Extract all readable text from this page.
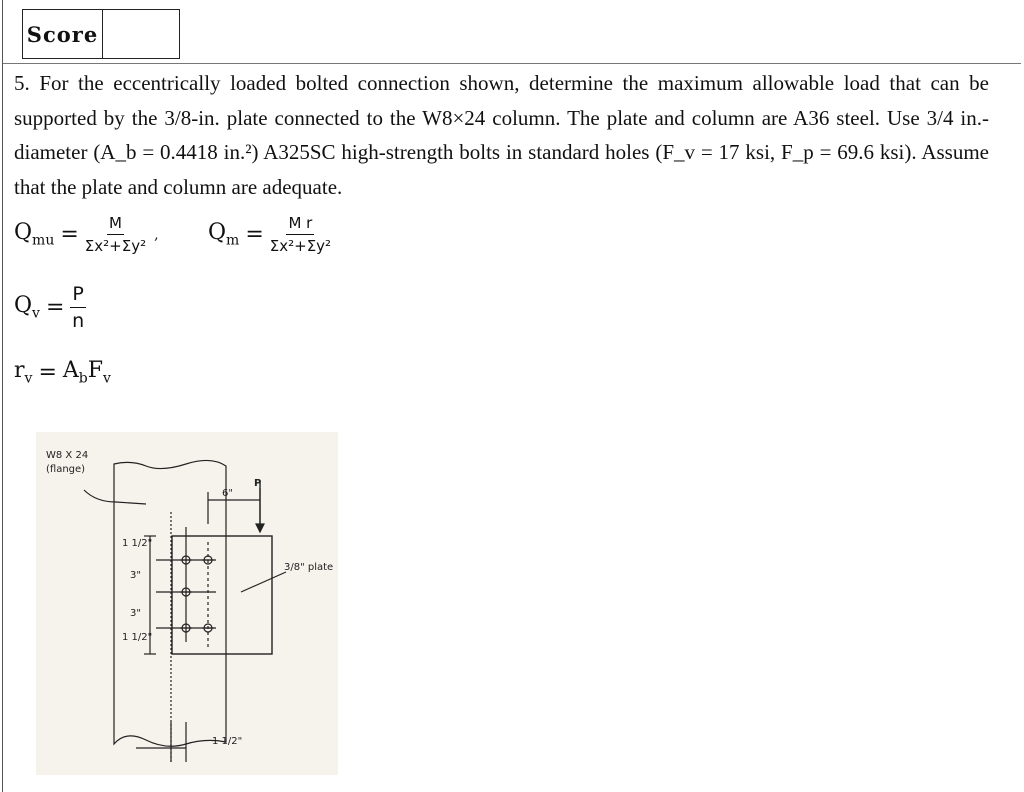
Score
5. For the eccentrically loaded bolted connection shown, determine the maximum allowable load that can be supported by the 3/8-in. plate connected to the W8×24 column. The plate and column are A36 steel. Use 3/4 in.-diameter (A_b = 0.4418 in.²) A325SC high-strength bolts in standard holes (F_v = 17 ksi, F_p = 69.6 ksi). Assume that the plate and column are adequate.
$Q_{mu} = \frac{M}{\text{Σx²+Σy²}}$ , $Q_m = \frac{\text{M r}}{\text{Σx²+Σy²}}$
$Q_v = \frac{P}{n}$
$r_v = A_bF_v$
W8 X 24
(flange)
P
6"
3/8" plate
1 1/2"
3"
3"
1 1/2"
1 1/2"
